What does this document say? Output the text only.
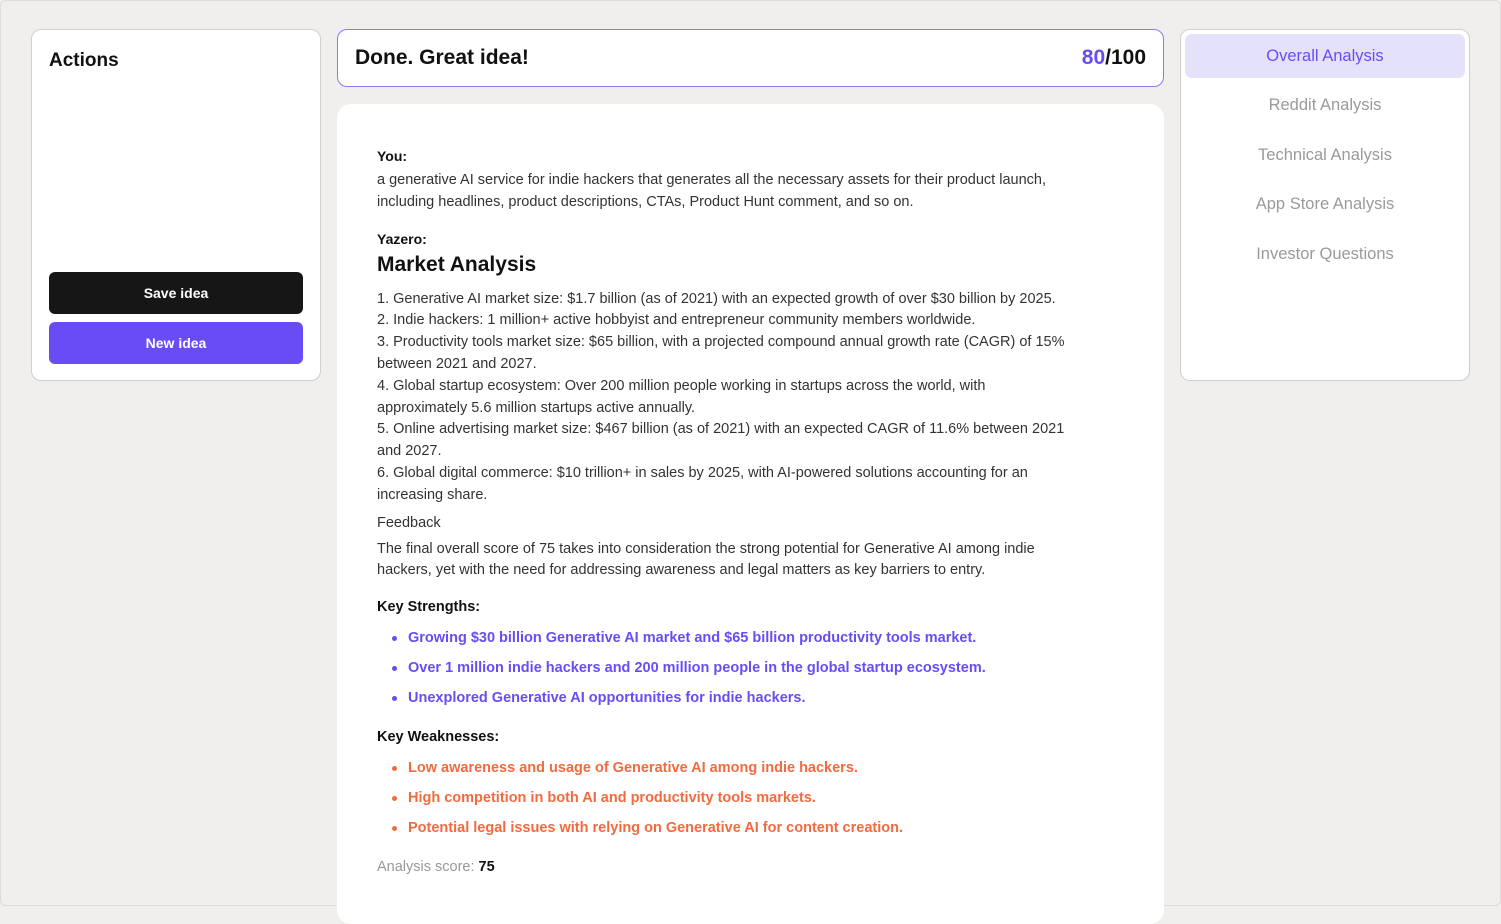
Actions
Save idea
New idea
Done. Great idea!	80/100
You:
a generative AI service for indie hackers that generates all the necessary assets for their product launch,
including headlines, product descriptions, CTAs, Product Hunt comment, and so on.
Yazero:
Market Analysis
1. Generative AI market size: $1.7 billion (as of 2021) with an expected growth of over $30 billion by 2025.
2. Indie hackers: 1 million+ active hobbyist and entrepreneur community members worldwide.
3. Productivity tools market size: $65 billion, with a projected compound annual growth rate (CAGR) of 15%
between 2021 and 2027.
4. Global startup ecosystem: Over 200 million people working in startups across the world, with
approximately 5.6 million startups active annually.
5. Online advertising market size: $467 billion (as of 2021) with an expected CAGR of 11.6% between 2021
and 2027.
6. Global digital commerce: $10 trillion+ in sales by 2025, with AI-powered solutions accounting for an
increasing share.
Feedback
The final overall score of 75 takes into consideration the strong potential for Generative AI among indie
hackers, yet with the need for addressing awareness and legal matters as key barriers to entry.
Key Strengths:
Growing $30 billion Generative AI market and $65 billion productivity tools market.
Over 1 million indie hackers and 200 million people in the global startup ecosystem.
Unexplored Generative AI opportunities for indie hackers.
Key Weaknesses:
Low awareness and usage of Generative AI among indie hackers.
High competition in both AI and productivity tools markets.
Potential legal issues with relying on Generative AI for content creation.
Analysis score: 75
Overall Analysis
Reddit Analysis
Technical Analysis
App Store Analysis
Investor Questions
